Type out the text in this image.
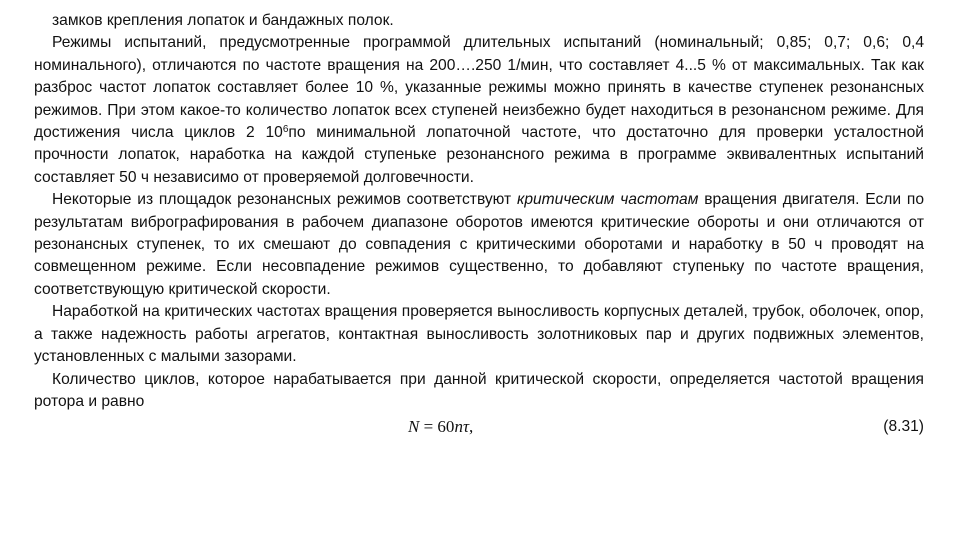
замков крепления лопаток и бандажных полок.

Режимы испытаний, предусмотренные программой длительных испытаний (номинальный; 0,85; 0,7; 0,6; 0,4 номинального), отличаются по частоте вращения на 200….250 1/мин, что составляет 4...5 % от максимальных. Так как разброс частот лопаток составляет более 10 %, указанные режимы можно принять в качестве ступенек резонансных режимов. При этом какое-то количество лопаток всех ступеней неизбежно будет находиться в резонансном режиме. Для достижения числа циклов 2 $10^6по$ минимальной лопаточной частоте, что достаточно для проверки усталостной прочности лопаток, наработка на каждой ступеньке резонансного режима в программе эквивалентных испытаний составляет 50 ч независимо от проверяемой долговечности.

Некоторые из площадок резонансных режимов соответствуют критическим частотам вращения двигателя. Если по результатам вибрографирования в рабочем диапазоне оборотов имеются критические обороты и они отличаются от резонансных ступенек, то их смешают до совпадения с критическими оборотами и наработку в 50 ч проводят на совмещенном режиме. Если несовпадение режимов существенно, то добавляют ступеньку по частоте вращения, соответствующую критической скорости.

Наработкой на критических частотах вращения проверяется выносливость корпусных деталей, трубок, оболочек, опор, а также надежность работы агрегатов, контактная выносливость золотниковых пар и других подвижных элементов, установленных с малыми зазорами.

Количество циклов, которое нарабатывается при данной критической скорости, определяется частотой вращения ротора и равно

N = 60nτ,	(8.31)
